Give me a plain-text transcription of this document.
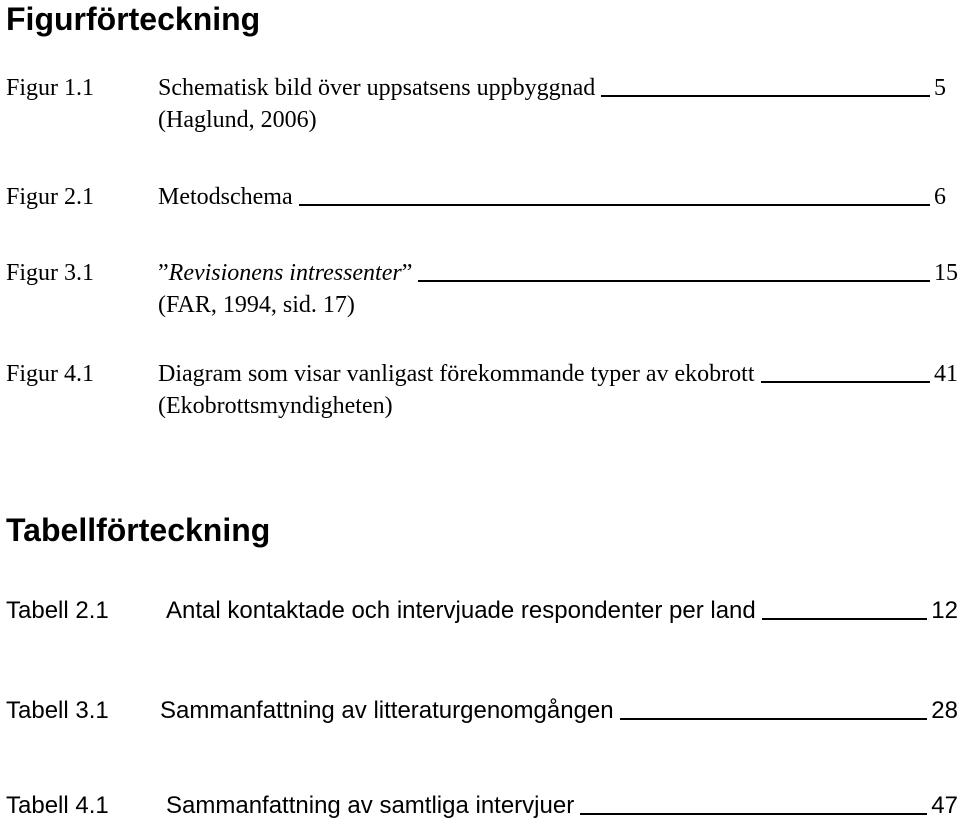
Figurförteckning
Figur 1.1	Schematisk bild över uppsatsens uppbyggnad	5
(Haglund, 2006)
Figur 2.1	Metodschema	6
Figur 3.1	”Revisionens intressenter”	15
(FAR, 1994, sid. 17)
Figur 4.1	Diagram som visar vanligast förekommande typer av ekobrott	41
(Ekobrottsmyndigheten)
Tabellförteckning
Tabell 2.1 Antal kontaktade och intervjuade respondenter per land	12
Tabell 3.1 Sammanfattning av litteraturgenomgången	28
Tabell 4.1 Sammanfattning av samtliga intervjuer	47
